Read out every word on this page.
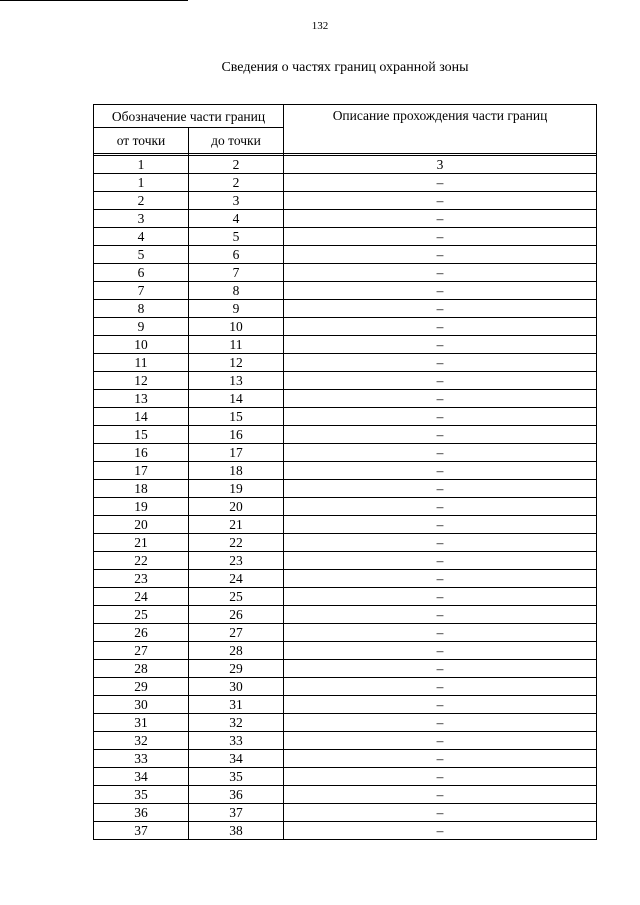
132
Сведения о частях границ охранной зоны
Обозначение части границ		Описание прохождения части границ
от точки	до точки	

1	2	3
1	2	–
2	3	–
3	4	–
4	5	–
5	6	–
6	7	–
7	8	–
8	9	–
9	10	–
10	11	–
11	12	–
12	13	–
13	14	–
14	15	–
15	16	–
16	17	–
17	18	–
18	19	–
19	20	–
20	21	–
21	22	–
22	23	–
23	24	–
24	25	–
25	26	–
26	27	–
27	28	–
28	29	–
29	30	–
30	31	–
31	32	–
32	33	–
33	34	–
34	35	–
35	36	–
36	37	–
37	38	–
